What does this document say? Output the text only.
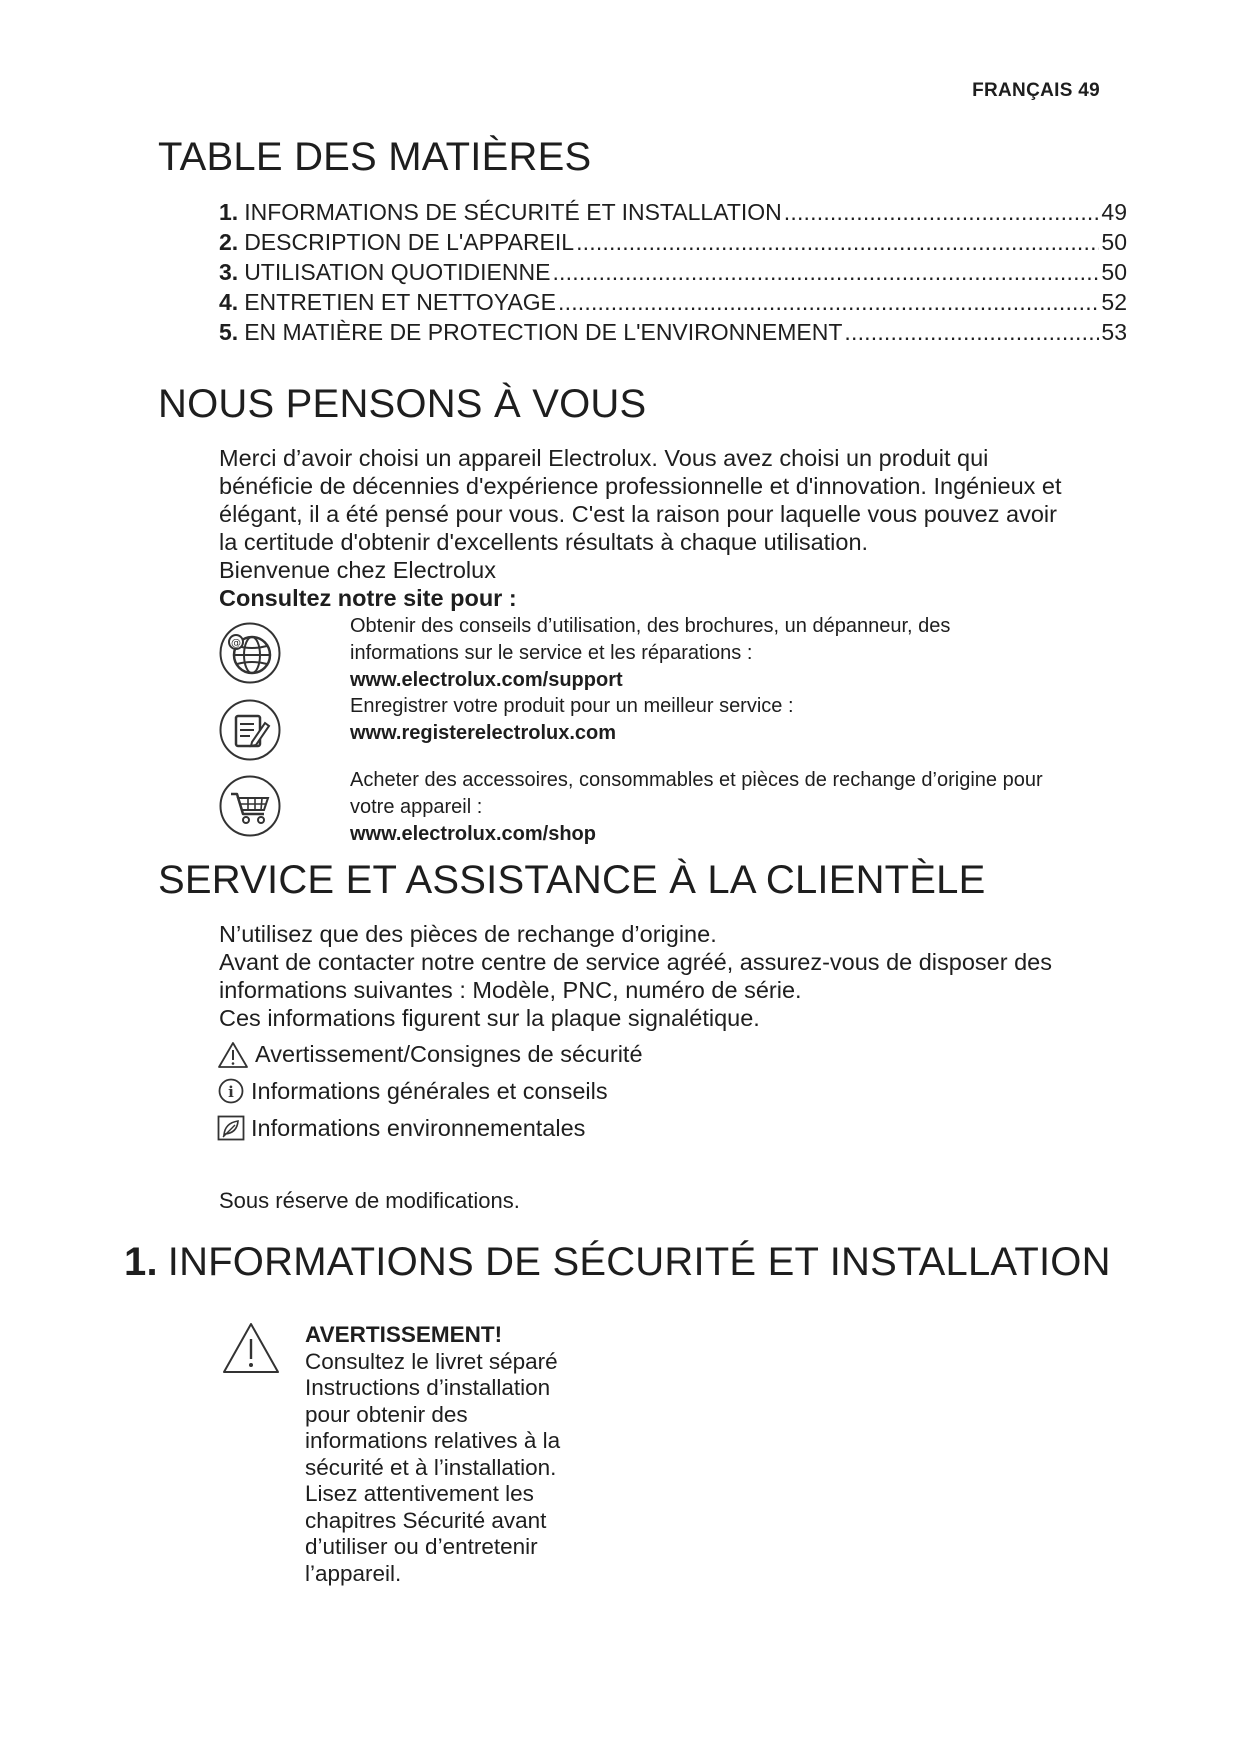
FRANÇAIS 49
TABLE DES MATIÈRES
1. INFORMATIONS DE SÉCURITÉ ET INSTALLATION .....	49
2. DESCRIPTION DE L'APPAREIL .....	50
3. UTILISATION QUOTIDIENNE .....	50
4. ENTRETIEN ET NETTOYAGE .....	52
5. EN MATIÈRE DE PROTECTION DE L'ENVIRONNEMENT .....	53
NOUS PENSONS À VOUS
Merci d’avoir choisi un appareil Electrolux. Vous avez choisi un produit qui
bénéficie de décennies d'expérience professionnelle et d'innovation. Ingénieux et
élégant, il a été pensé pour vous. C'est la raison pour laquelle vous pouvez avoir
la certitude d'obtenir d'excellents résultats à chaque utilisation.
Bienvenue chez Electrolux
Consultez notre site pour :
@
Obtenir des conseils d’utilisation, des brochures, un dépanneur, des
informations sur le service et les réparations :
www.electrolux.com/support
Enregistrer votre produit pour un meilleur service :
www.registerelectrolux.com
Acheter des accessoires, consommables et pièces de rechange d’origine pour
votre appareil :
www.electrolux.com/shop
SERVICE ET ASSISTANCE À LA CLIENTÈLE
N’utilisez que des pièces de rechange d’origine.
Avant de contacter notre centre de service agréé, assurez-vous de disposer des
informations suivantes : Modèle, PNC, numéro de série.
Ces informations figurent sur la plaque signalétique.
Avertissement/Consignes de sécurité
i Informations générales et conseils
Informations environnementales
Sous réserve de modifications.
1. INFORMATIONS DE SÉCURITÉ ET INSTALLATION
AVERTISSEMENT!
Consultez le livret séparé
Instructions d’installation
pour obtenir des
informations relatives à la
sécurité et à l’installation.
Lisez attentivement les
chapitres Sécurité avant
d’utiliser ou d’entretenir
l’appareil.
